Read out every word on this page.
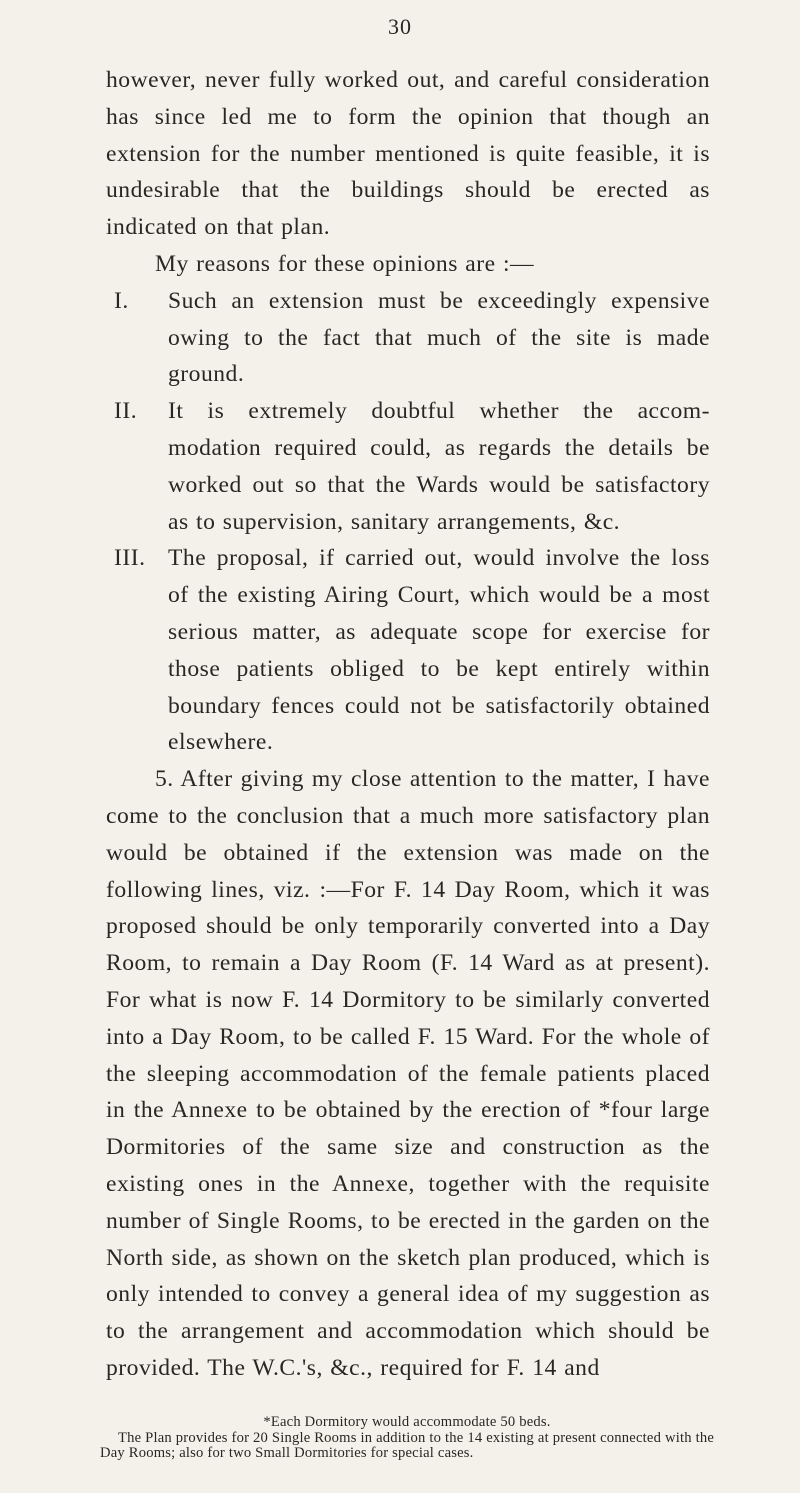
30

however, never fully worked out, and careful consideration has since led me to form the opinion that though an extension for the number mentioned is quite feasible, it is undesirable that the buildings should be erected as indicated on that plan.

My reasons for these opinions are :—

I.	Such an extension must be exceedingly expensive owing to the fact that much of the site is made ground.
II.	It is extremely doubtful whether the accom- modation required could, as regards the details be worked out so that the Wards would be satisfactory as to supervision, sanitary arrangements, &c.
III. The proposal, if carried out, would involve the loss of the existing Airing Court, which would be a most serious matter, as adequate scope for exercise for those patients obliged to be kept entirely within boundary fences could not be satisfactorily obtained elsewhere.

5. After giving my close attention to the matter, I have come to the conclusion that a much more satisfactory plan would be obtained if the extension was made on the following lines, viz. :—For F. 14 Day Room, which it was proposed should be only temporarily converted into a Day Room, to remain a Day Room (F. 14 Ward as at present). For what is now F. 14 Dormitory to be similarly converted into a Day Room, to be called F. 15 Ward. For the whole of the sleeping accommodation of the female patients placed in the Annexe to be obtained by the erection of *four large Dormitories of the same size and construction as the existing ones in the Annexe, together with the requisite number of Single Rooms, to be erected in the garden on the North side, as shown on the sketch plan produced, which is only intended to convey a general idea of my suggestion as to the arrangement and accommodation which should be provided. The W.C.'s, &c., required for F. 14 and

*Each Dormitory would accommodate 50 beds.

The Plan provides for 20 Single Rooms in addition to the 14 existing at present connected with the Day Rooms; also for two Small Dormitories for special cases.
